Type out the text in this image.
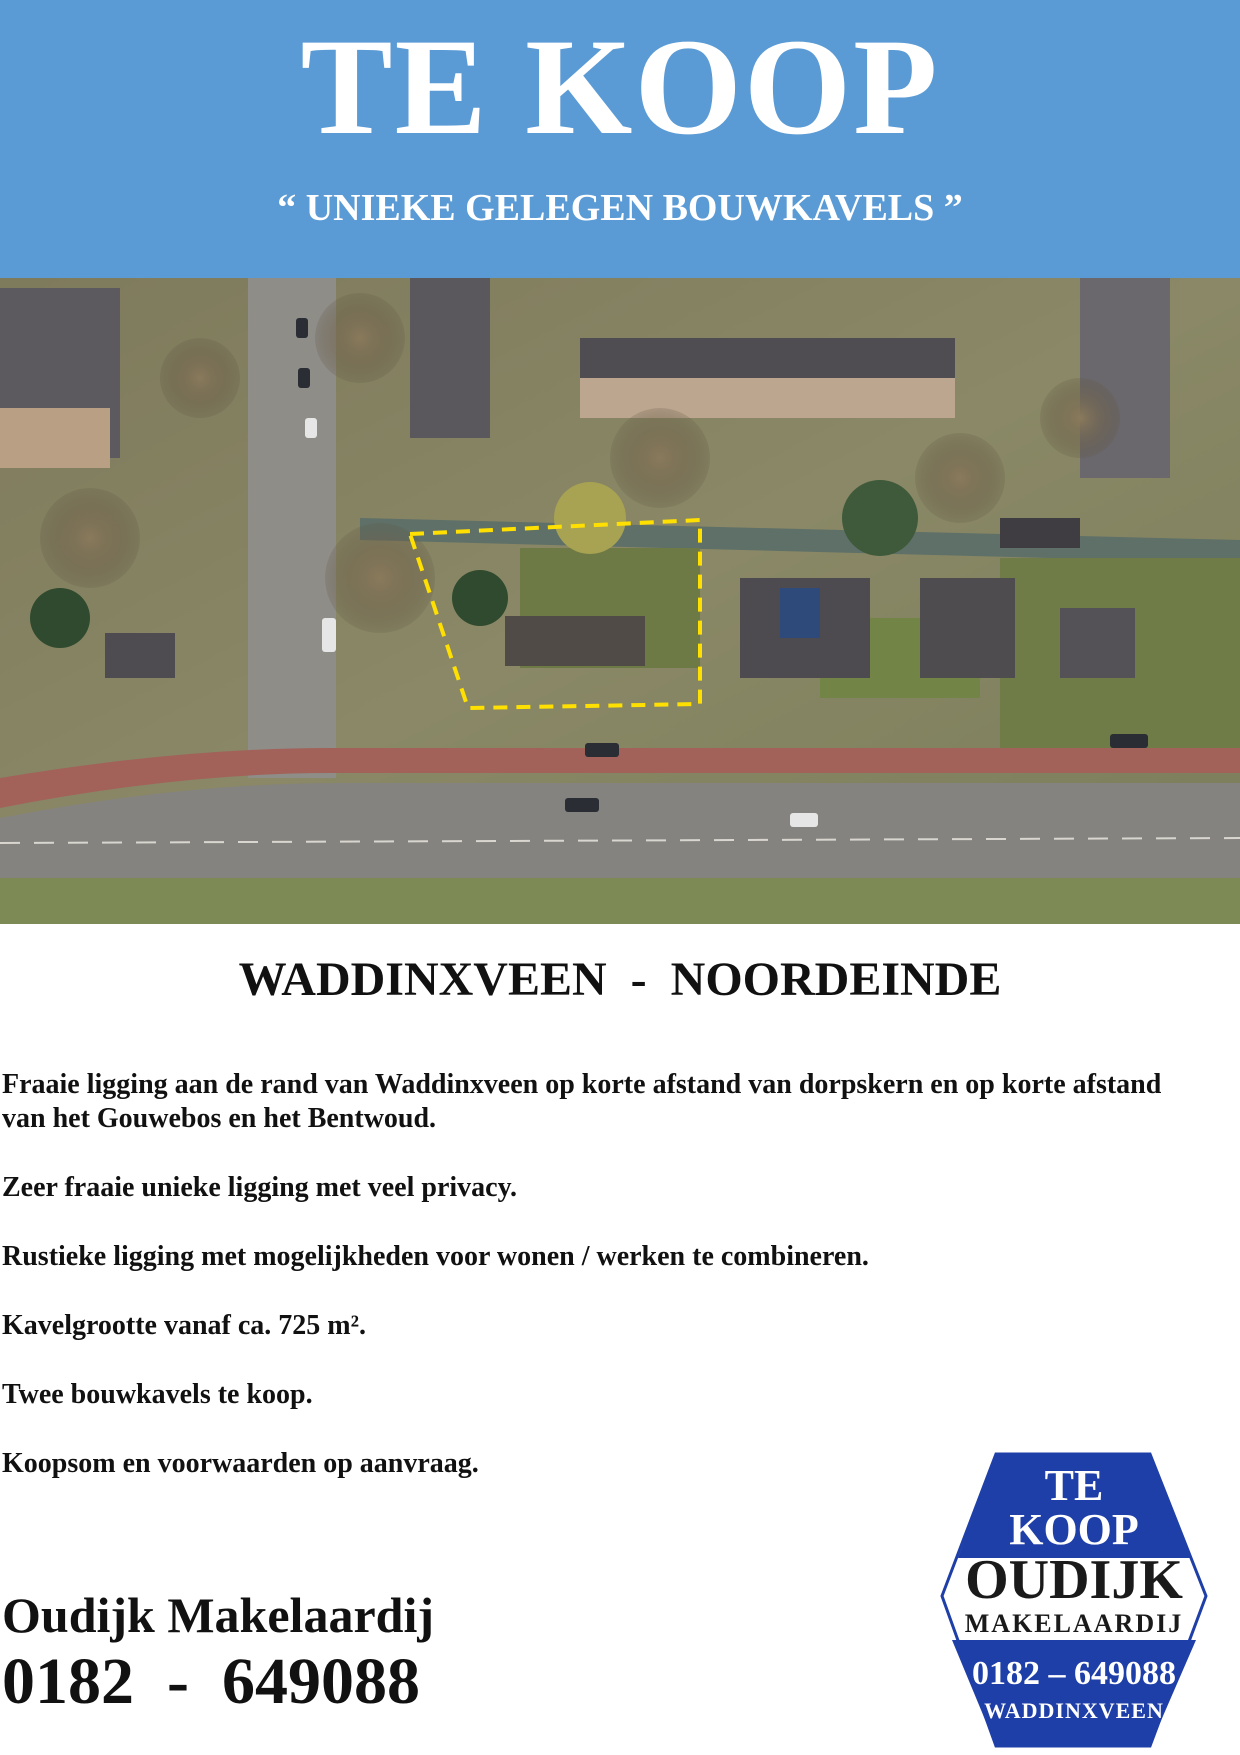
TE KOOP
“ UNIEKE GELEGEN BOUWKAVELS ”
WADDINXVEEN  -  NOORDEINDE

Fraaie ligging aan de rand van Waddinxveen op korte afstand van dorpskern en op korte afstand van het Gouwebos en het Bentwoud.

Zeer fraaie unieke ligging met veel privacy.

Rustieke ligging met mogelijkheden voor wonen / werken te combineren.

Kavelgrootte vanaf ca. 725 m².

Twee bouwkavels te koop.

Koopsom en voorwaarden op aanvraag.

Oudijk Makelaardij
0182  -  649088
TE
KOOP
OUDIJK
MAKELAARDIJ
0182 – 649088
WADDINXVEEN
